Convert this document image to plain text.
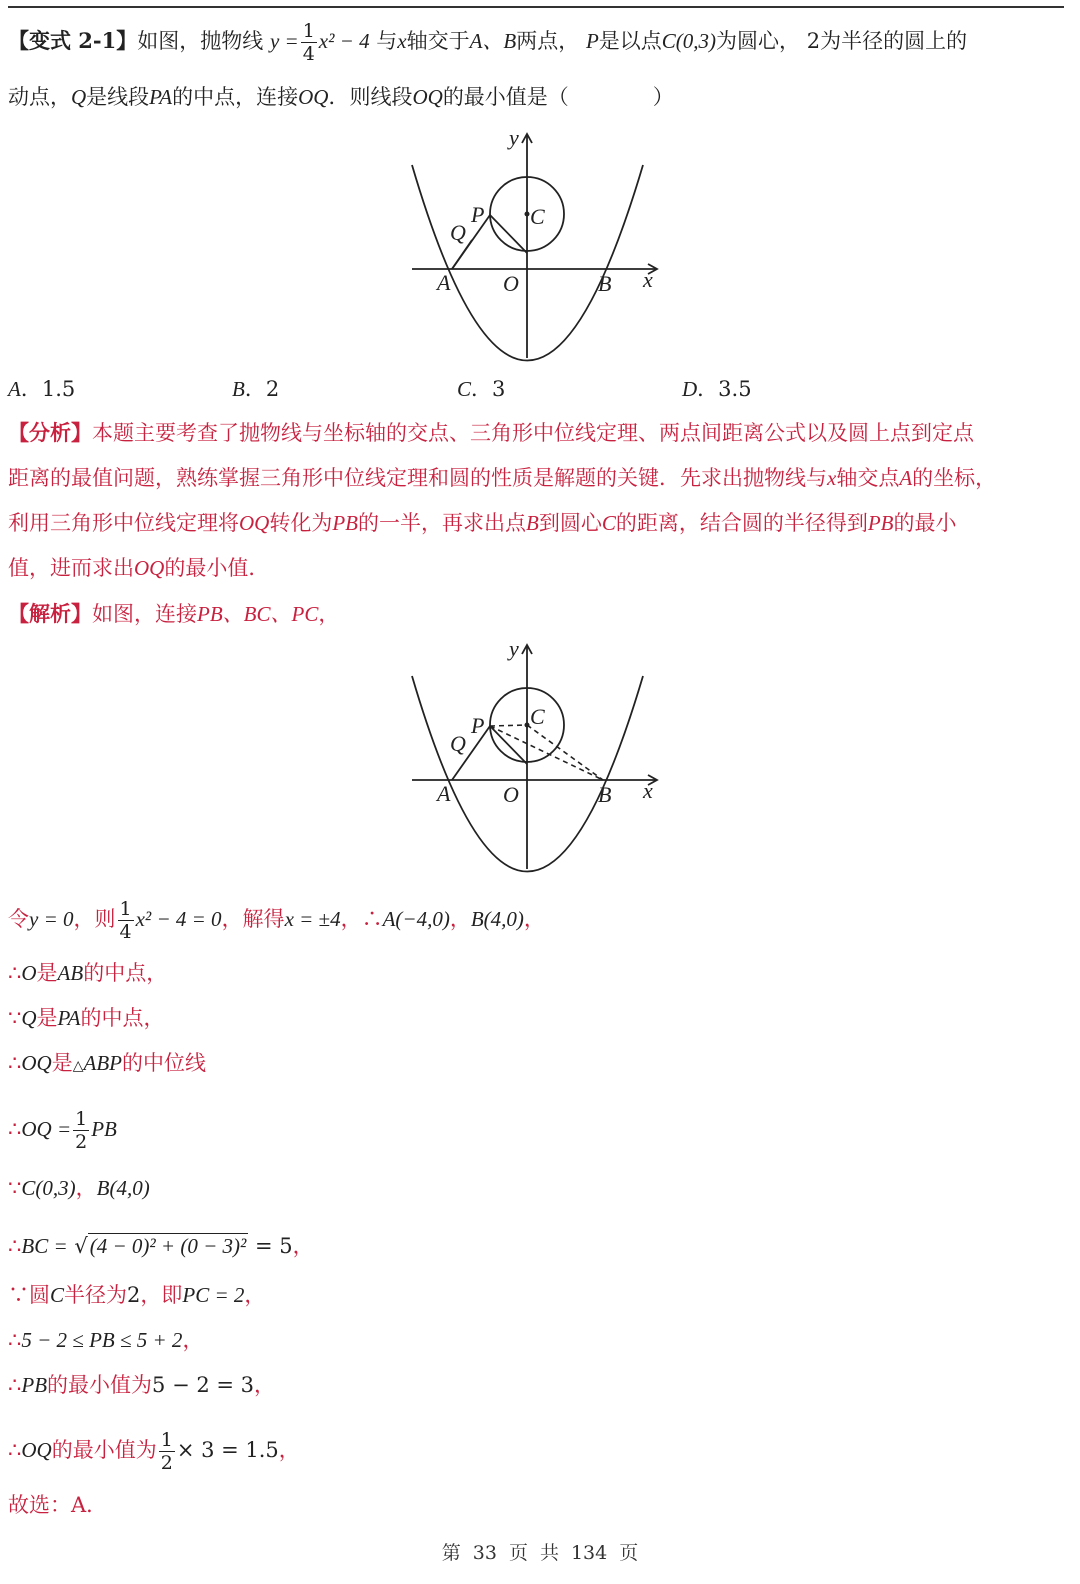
【变式 2-1】如图，抛物线 $y = \frac{1}{4} x^2 - 4$ 与x轴交于A、B两点， P是以点C(0,3)为圆心， 2为半径的圆上的
动点，Q是线段PA的中点，连接OQ．则线段OQ的最小值是（　　　　）
y
x
P
Q
C
A O	B
A．1.5	B．2	C．3	D．3.5
【分析】本题主要考查了抛物线与坐标轴的交点、三角形中位线定理、两点间距离公式以及圆上点到定点
距离的最值问题，熟练掌握三角形中位线定理和圆的性质是解题的关键．先求出抛物线与x轴交点A的坐标，
利用三角形中位线定理将OQ转化为PB的一半，再求出点B到圆心C的距离，结合圆的半径得到PB的最小
值，进而求出OQ的最小值．
【解析】如图，连接PB、BC、PC，
y
x
P
Q
C
A O	B
令y = 0，则 $\frac{1}{4} x^2 - 4 = 0$，解得x = ±4，∴A(−4,0)，B(4,0)，
∴O是AB的中点，
∵Q是PA的中点，
∴OQ是△ABP的中位线
∴OQ = $\frac{1}{2}$ PB
∵C(0,3)，B(4,0)
∴BC = √(4 − 0)² + (0 − 3)² = 5，
∵圆C半径为2，即PC = 2，
∴5 − 2 ≤ PB ≤ 5 + 2，
∴PB的最小值为5 − 2 = 3，
∴OQ的最小值为 $\frac{1}{2} \times 3 = 1.5$，
故选：A．
第 33 页 共 134 页
